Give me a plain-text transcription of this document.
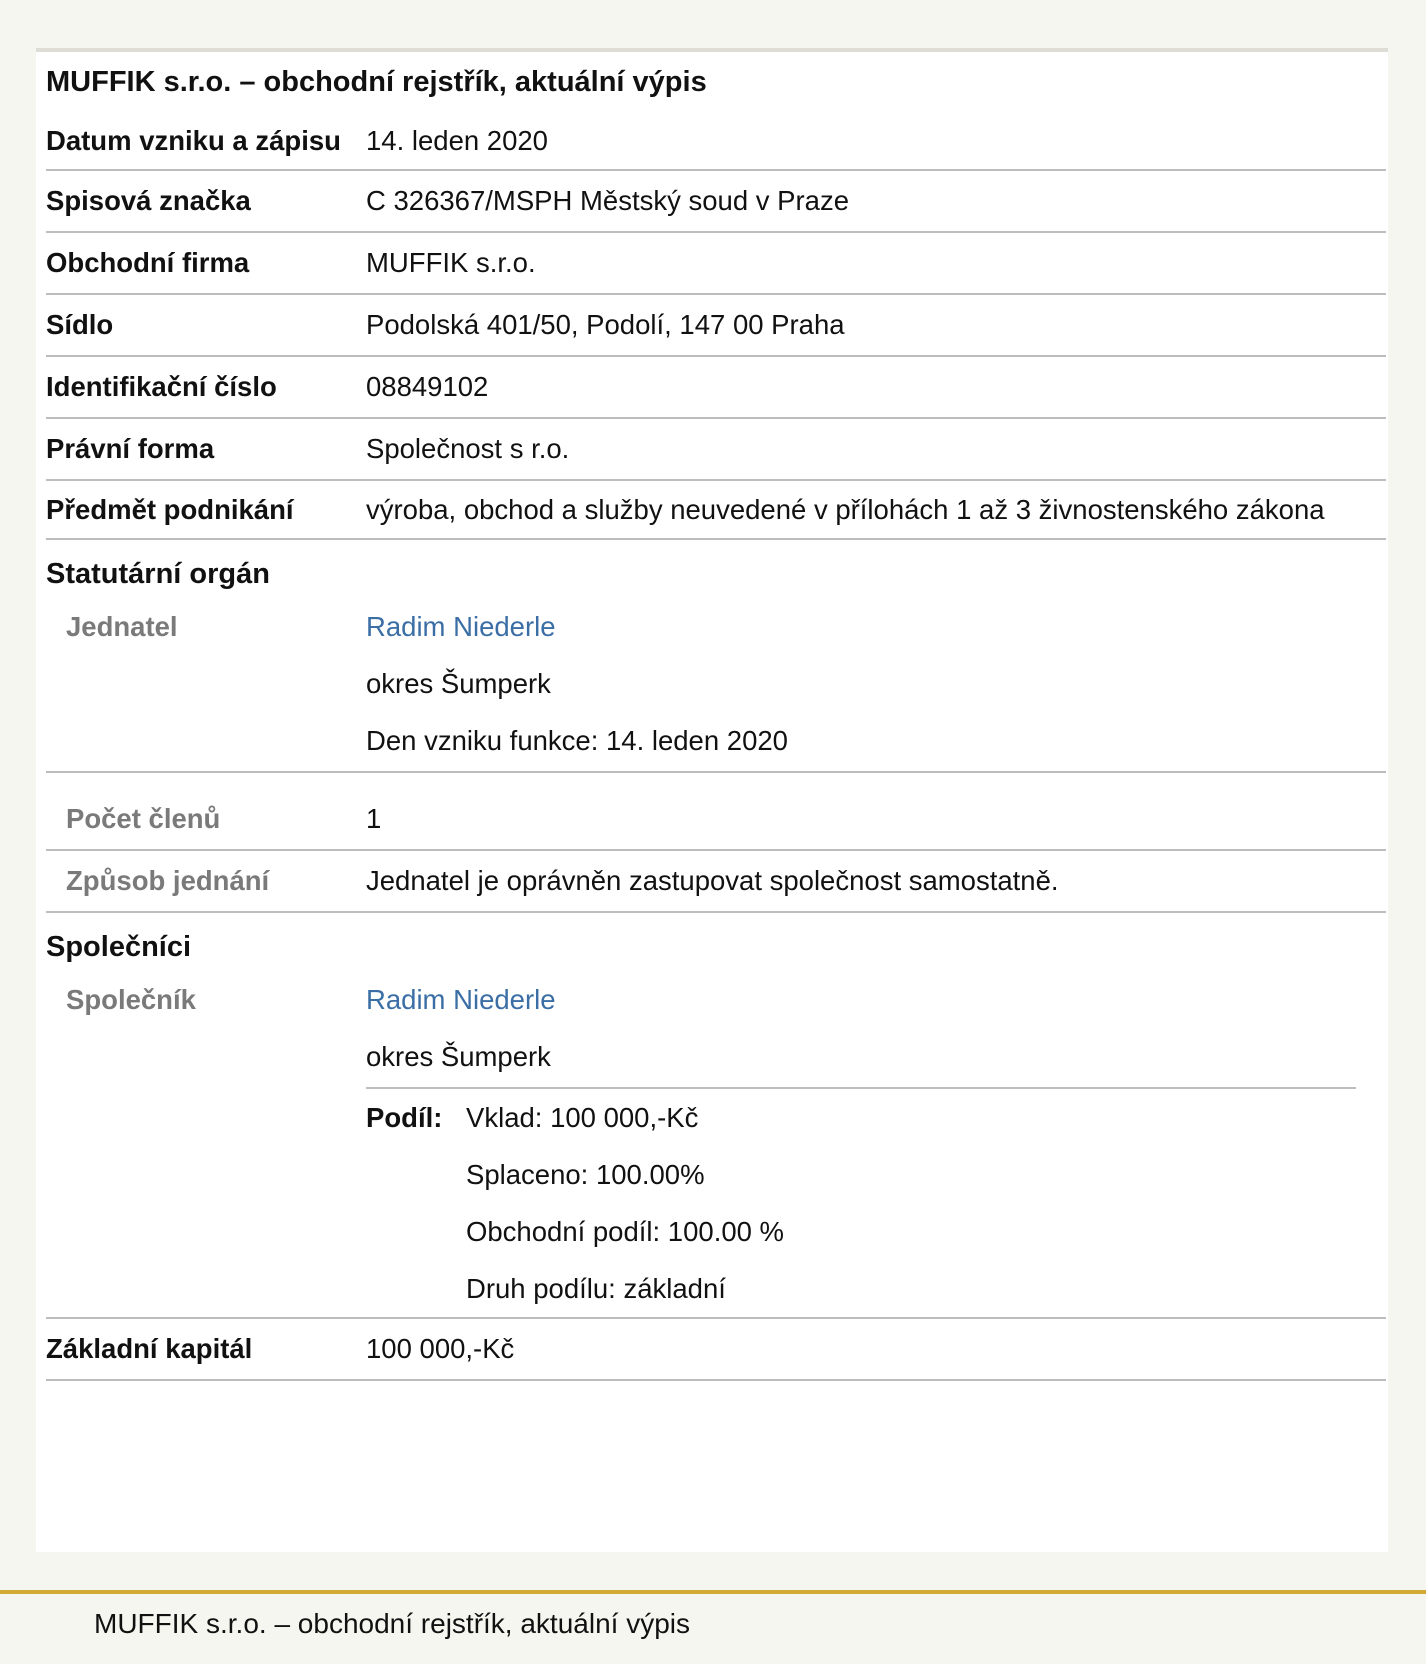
MUFFIK s.r.o. – obchodní rejstřík, aktuální výpis
Datum vzniku a zápisu 14. leden 2020
Spisová značka	C 326367/MSPH Městský soud v Praze
Obchodní firma	MUFFIK s.r.o.
Sídlo	Podolská 401/50, Podolí, 147 00 Praha
Identifikační číslo	08849102
Právní forma	Společnost s r.o.
Předmět podnikání	výroba, obchod a služby neuvedené v přílohách 1 až 3 živnostenského zákona
Statutární orgán
Jednatel	Radim Niederle
okres Šumperk
Den vzniku funkce: 14. leden 2020
Počet členů	1
Způsob jednání	Jednatel je oprávněn zastupovat společnost samostatně.
Společníci
Společník	Radim Niederle
okres Šumperk
Podíl: Vklad: 100 000,-Kč
Splaceno: 100.00%
Obchodní podíl: 100.00 %
Druh podílu: základní
Základní kapitál	100 000,-Kč
MUFFIK s.r.o. – obchodní rejstřík, aktuální výpis
